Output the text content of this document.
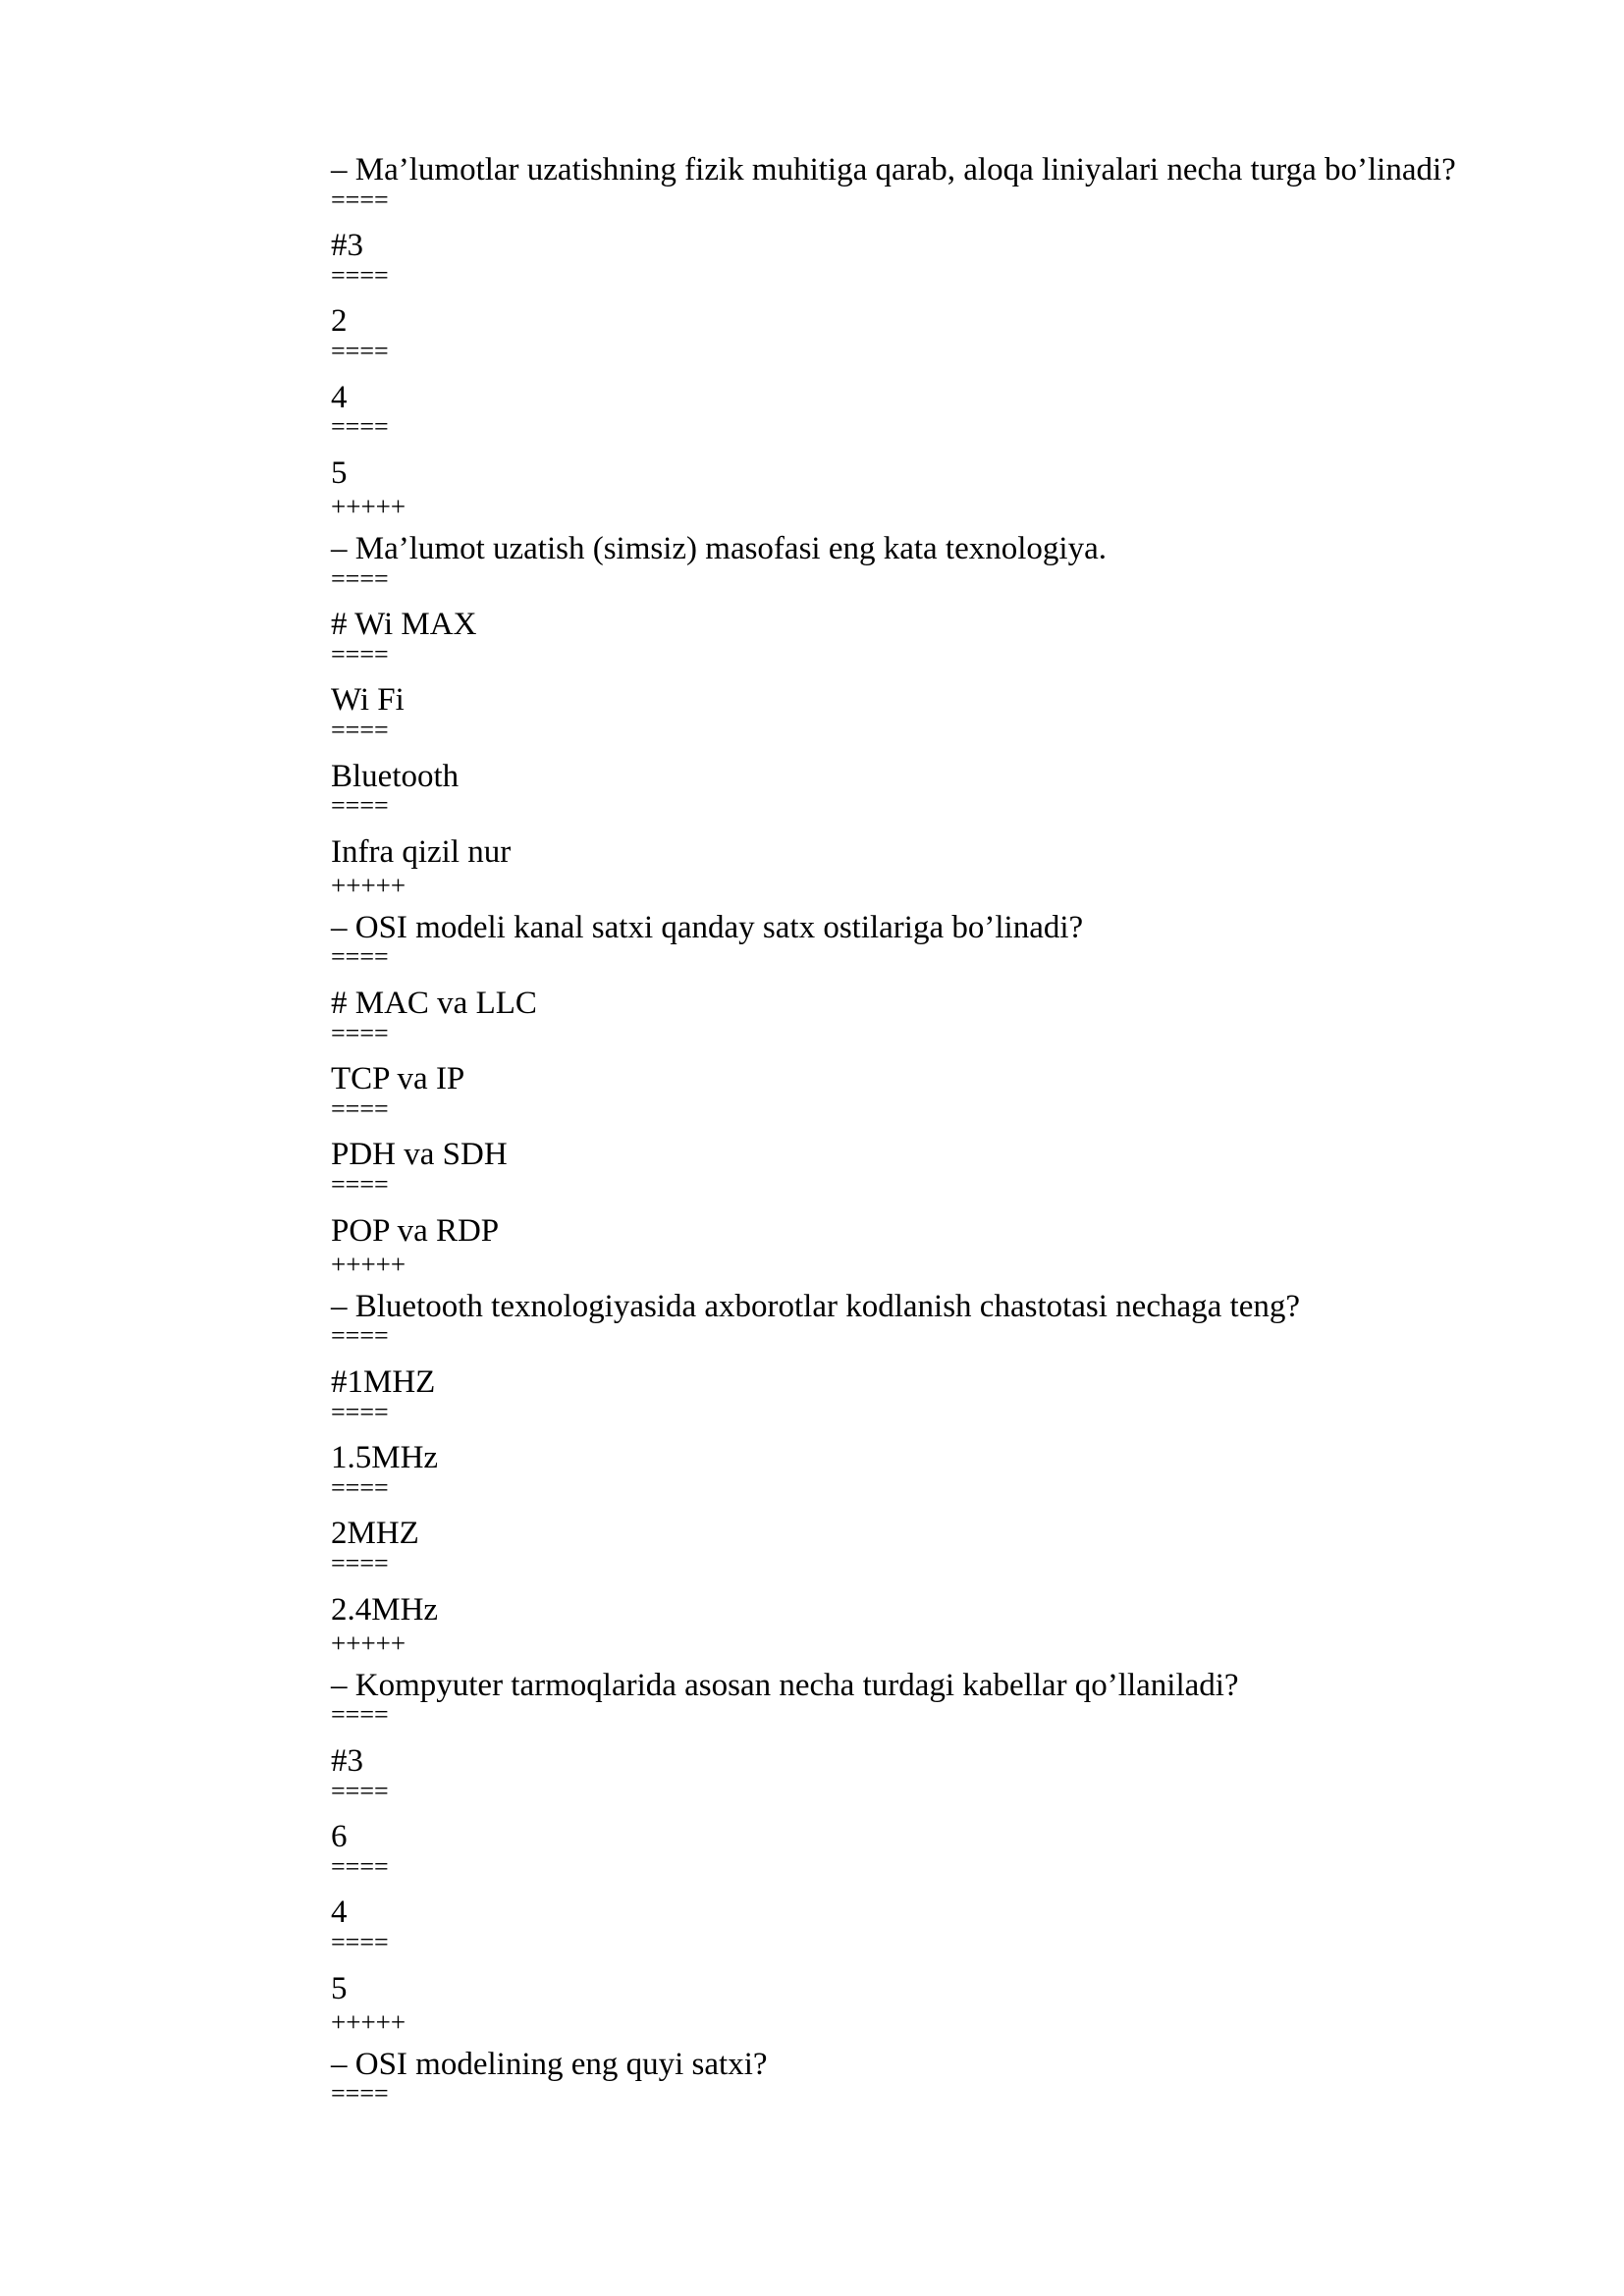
– Ma’lumotlar uzatishning fizik muhitiga qarab, aloqa liniyalari necha turga bo’linadi?
====
#3
====
2
====
4
====
5
+++++
– Ma’lumot uzatish (simsiz) masofasi eng kata texnologiya.
====
# Wi MAX
====
Wi Fi
====
Bluetooth
====
Infra qizil nur
+++++
– OSI modeli kanal satxi qanday satx ostilariga bo’linadi?
====
# MAC va LLC
====
TCP va IP
====
PDH va SDH
====
POP va RDP
+++++
– Bluetooth texnologiyasida axborotlar kodlanish chastotasi nechaga teng?
====
#1MHZ
====
1.5MHz
====
2MHZ
====
2.4MHz
+++++
– Kompyuter tarmoqlarida asosan necha turdagi kabellar qo’llaniladi?
====
#3
====
6
====
4
====
5
+++++
– OSI modelining eng quyi satxi?
====
